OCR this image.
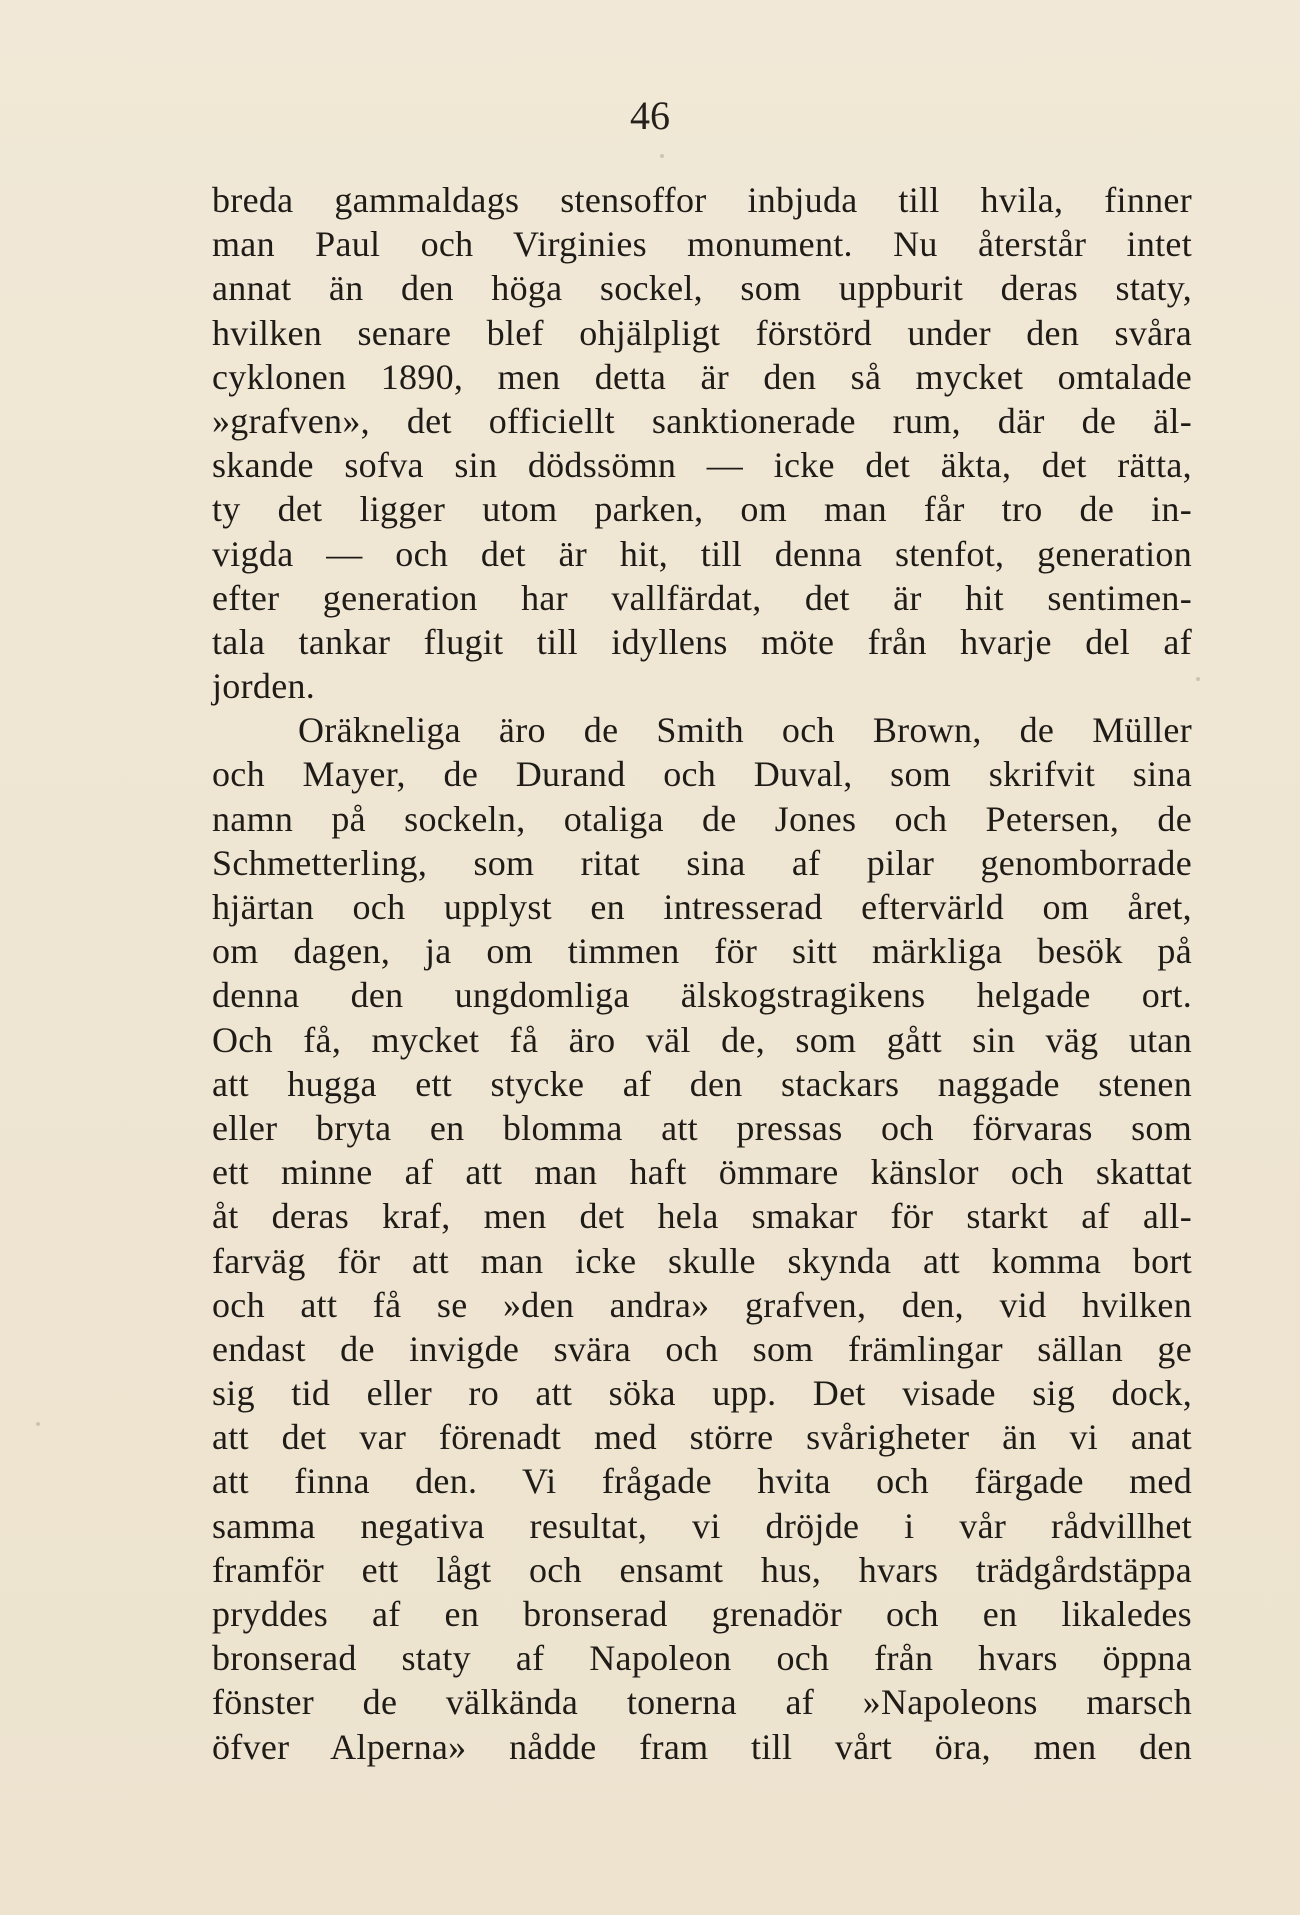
46
breda gammaldags stensoffor inbjuda till hvila, finner
man Paul och Virginies monument. Nu återstår intet
annat än den höga sockel, som uppburit deras staty,
hvilken senare blef ohjälpligt förstörd under den svåra
cyklonen 1890, men detta är den så mycket omtalade
»grafven», det officiellt sanktionerade rum, där de äl-
skande sofva sin dödssömn — icke det äkta, det rätta,
ty det ligger utom parken, om man får tro de in-
vigda — och det är hit, till denna stenfot, generation
efter generation har vallfärdat, det är hit sentimen-
tala tankar flugit till idyllens möte från hvarje del af
jorden.
Oräkneliga äro de Smith och Brown, de Müller
och Mayer, de Durand och Duval, som skrifvit sina
namn på sockeln, otaliga de Jones och Petersen, de
Schmetterling, som ritat sina af pilar genomborrade
hjärtan och upplyst en intresserad eftervärld om året,
om dagen, ja om timmen för sitt märkliga besök på
denna den ungdomliga älskogstragikens helgade ort.
Och få, mycket få äro väl de, som gått sin väg utan
att hugga ett stycke af den stackars naggade stenen
eller bryta en blomma att pressas och förvaras som
ett minne af att man haft ömmare känslor och skattat
åt deras kraf, men det hela smakar för starkt af all-
farväg för att man icke skulle skynda att komma bort
och att få se »den andra» grafven, den, vid hvilken
endast de invigde svära och som främlingar sällan ge
sig tid eller ro att söka upp. Det visade sig dock,
att det var förenadt med större svårigheter än vi anat
att finna den. Vi frågade hvita och färgade med
samma negativa resultat, vi dröjde i vår rådvillhet
framför ett lågt och ensamt hus, hvars trädgårdstäppa
pryddes af en bronserad grenadör och en likaledes
bronserad staty af Napoleon och från hvars öppna
fönster de välkända tonerna af »Napoleons marsch
öfver Alperna» nådde fram till vårt öra, men den
